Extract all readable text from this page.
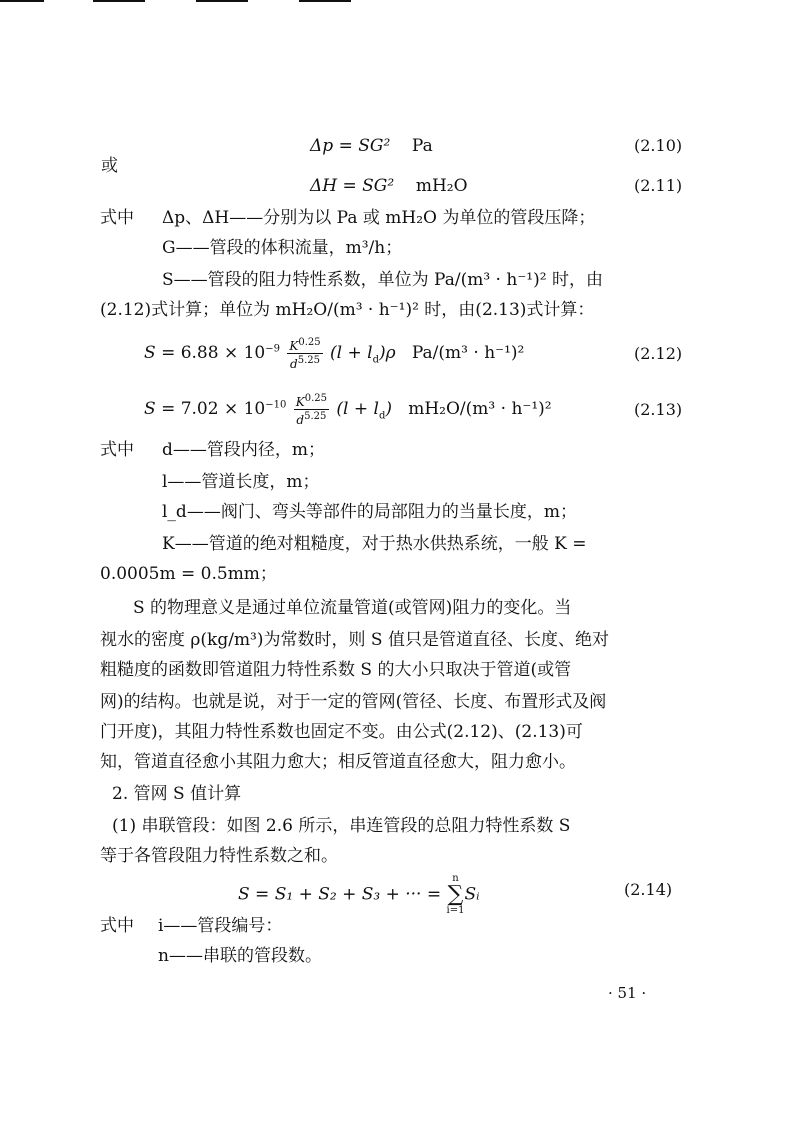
Δp = SG² Pa	(2.10)
或
ΔH = SG² mH₂O	(2.11)
式中 Δp、ΔH——分别为以 Pa 或 mH₂O 为单位的管段压降；
G——管段的体积流量，m³/h；
S——管段的阻力特性系数，单位为 Pa/(m³ · h⁻¹)² 时，由
(2.12)式计算；单位为 mH₂O/(m³ · h⁻¹)² 时，由(2.13)式计算：
$S = 6.88 \times 10^{-9} \frac{K^{0.25}}{d^{5.25}} (l + l_d)\rho$ Pa/(m³ · h⁻¹)²	(2.12)
$S = 7.02 \times 10^{-10} \frac{K^{0.25}}{d^{5.25}} (l + l_d) mH_2O/(m^3 \cdot h^{-1})^2$	(2.13)
式中 d——管段内径，m；
l——管道长度，m；
l_d——阀门、弯头等部件的局部阻力的当量长度，m；
K——管道的绝对粗糙度，对于热水供热系统，一般 K =
0.0005m = 0.5mm；
S 的物理意义是通过单位流量管道(或管网)阻力的变化。当
视水的密度 ρ(kg/m³)为常数时，则 S 值只是管道直径、长度、绝对
粗糙度的函数即管道阻力特性系数 S 的大小只取决于管道(或管
网)的结构。也就是说，对于一定的管网(管径、长度、布置形式及阀
门开度)，其阻力特性系数也固定不变。由公式(2.12)、(2.13)可
知，管道直径愈小其阻力愈大；相反管道直径愈大，阻力愈小。
2. 管网 S 值计算
(1) 串联管段：如图 2.6 所示，串连管段的总阻力特性系数 S
等于各管段阻力特性系数之和。
S = S₁ + S₂ + S₃ + ··· = n
∑
i=1Sᵢ	(2.14)
式中 i——管段编号：
n——串联的管段数。
· 51 ·
